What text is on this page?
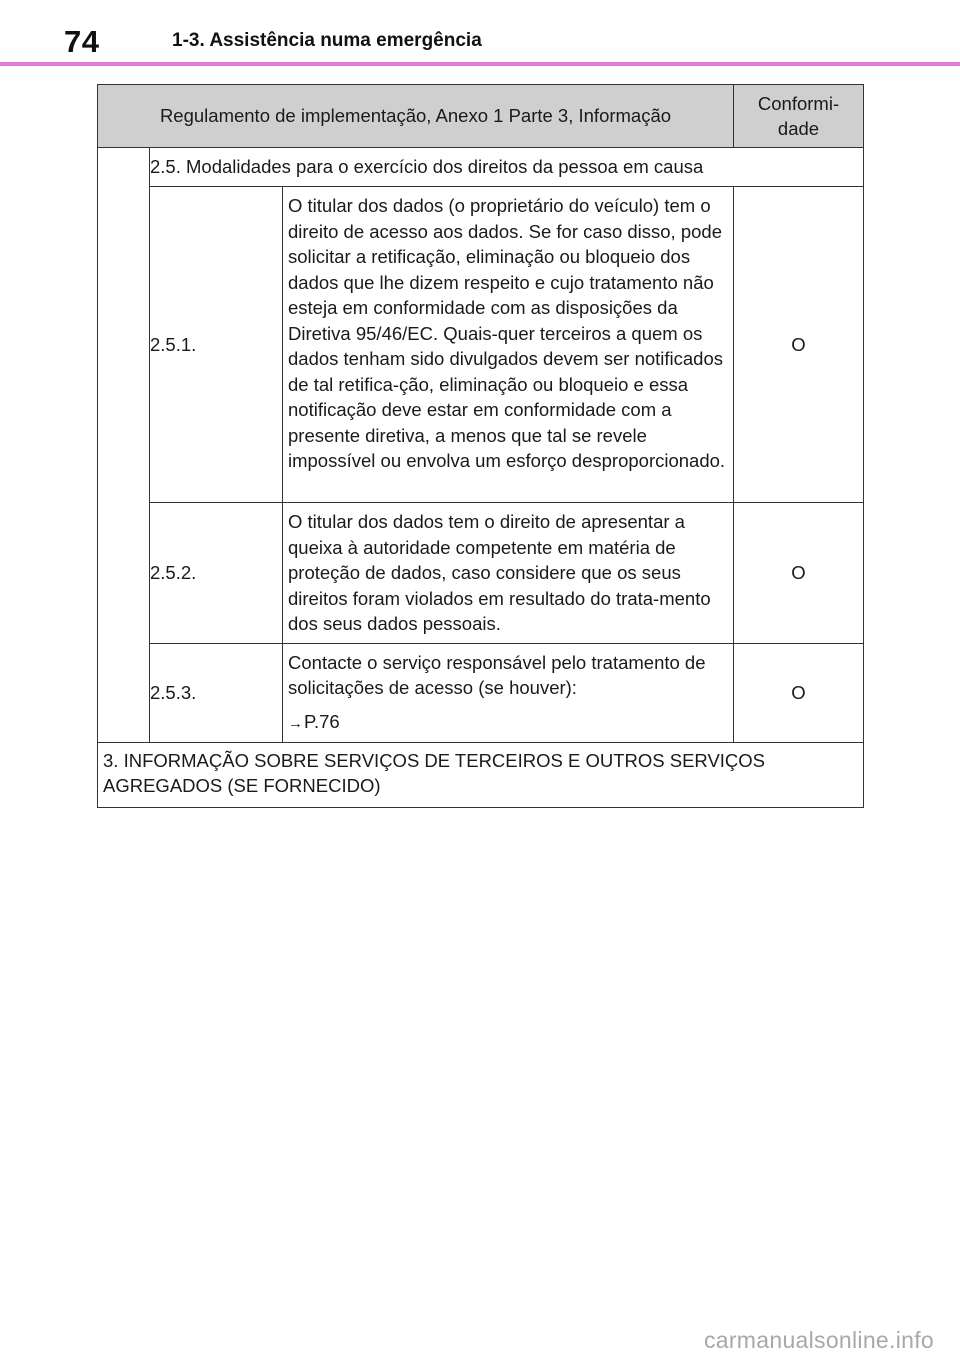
74	1-3. Assistência numa emergência
Regulamento de implementação, Anexo 1 Parte 3, Informação			Conformi-
dade
	2.5. Modalidades para o exercício dos direitos da pessoa em causa		
	2.5.1.	O titular dos dados (o proprietário do veículo) tem o direito de acesso aos dados. Se for caso disso, pode solicitar a retificação, eliminação ou bloqueio dos dados que lhe dizem respeito e cujo tratamento não esteja em conformidade com as disposições da Diretiva 95/46/EC. Quais-quer terceiros a quem os dados tenham sido divulgados devem ser notificados de tal retifica-ção, eliminação ou bloqueio e essa notificação deve estar em conformidade com a presente diretiva, a menos que tal se revele impossível ou envolva um esforço desproporcionado.	O
	2.5.2.	O titular dos dados tem o direito de apresentar a queixa à autoridade competente em matéria de proteção de dados, caso considere que os seus direitos foram violados em resultado do trata-mento dos seus dados pessoais.	O
	2.5.3.	Contacte o serviço responsável pelo tratamento de solicitações de acesso (se houver):
→P.76	O
3. INFORMAÇÃO SOBRE SERVIÇOS DE TERCEIROS E OUTROS SERVIÇOS AGREGADOS (SE FORNECIDO)			
carmanualsonline.info
